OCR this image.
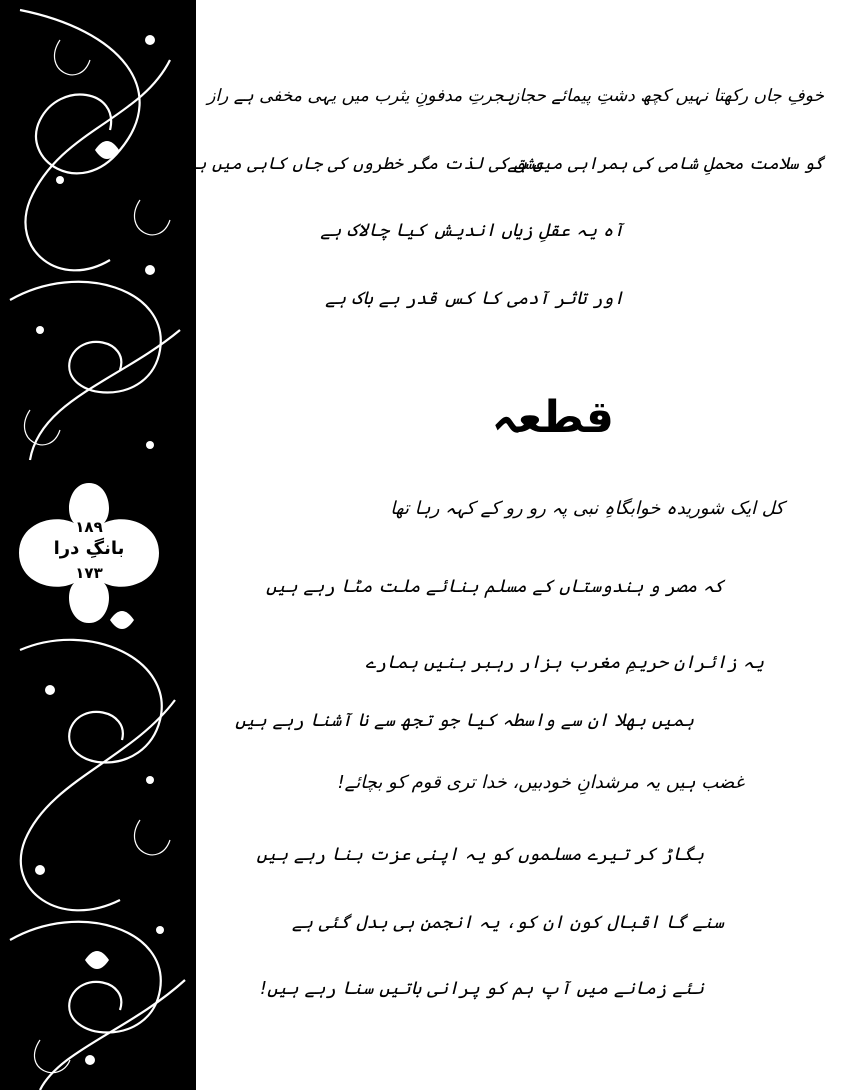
۱۸۹
بانگِ درا
۱۷۳
خوفِ جاں رکھتا نہیں کچھ دشتِ پیمائے حجاز
ہجرتِ مدفونِ یثرب میں یہی مخفی ہے راز
گو سلامت محملِ شامی کی ہمراہی میں ہے
عشق کی لذت مگر خطروں کی جاں کاہی میں ہے
آہ یہ عقلِ زیاں اندیش کیا چالاک ہے
اور تاثر آدمی کا کس قدر بے باک ہے
قطعہ
کل ایک شوریدہ خوابگاہِ نبی پہ رو رو کے کہہ رہا تھا
کہ مصر و ہندوستاں کے مسلم بنائے ملت مٹا رہے ہیں
یہ زائرانِ حریمِ مغرب ہزار رہبر بنیں ہمارے
ہمیں بھلا ان سے واسطہ کیا جو تجھ سے نا آشنا رہے ہیں
غضب ہیں یہ مرشدانِ خودبیں، خدا تری قوم کو بچائے!
بگاڑ کر تیرے مسلموں کو یہ اپنی عزت بنا رہے ہیں
سنے گا اقبال کون ان کو، یہ انجمن ہی بدل گئی ہے
نئے زمانے میں آپ ہم کو پرانی باتیں سنا رہے ہیں!
